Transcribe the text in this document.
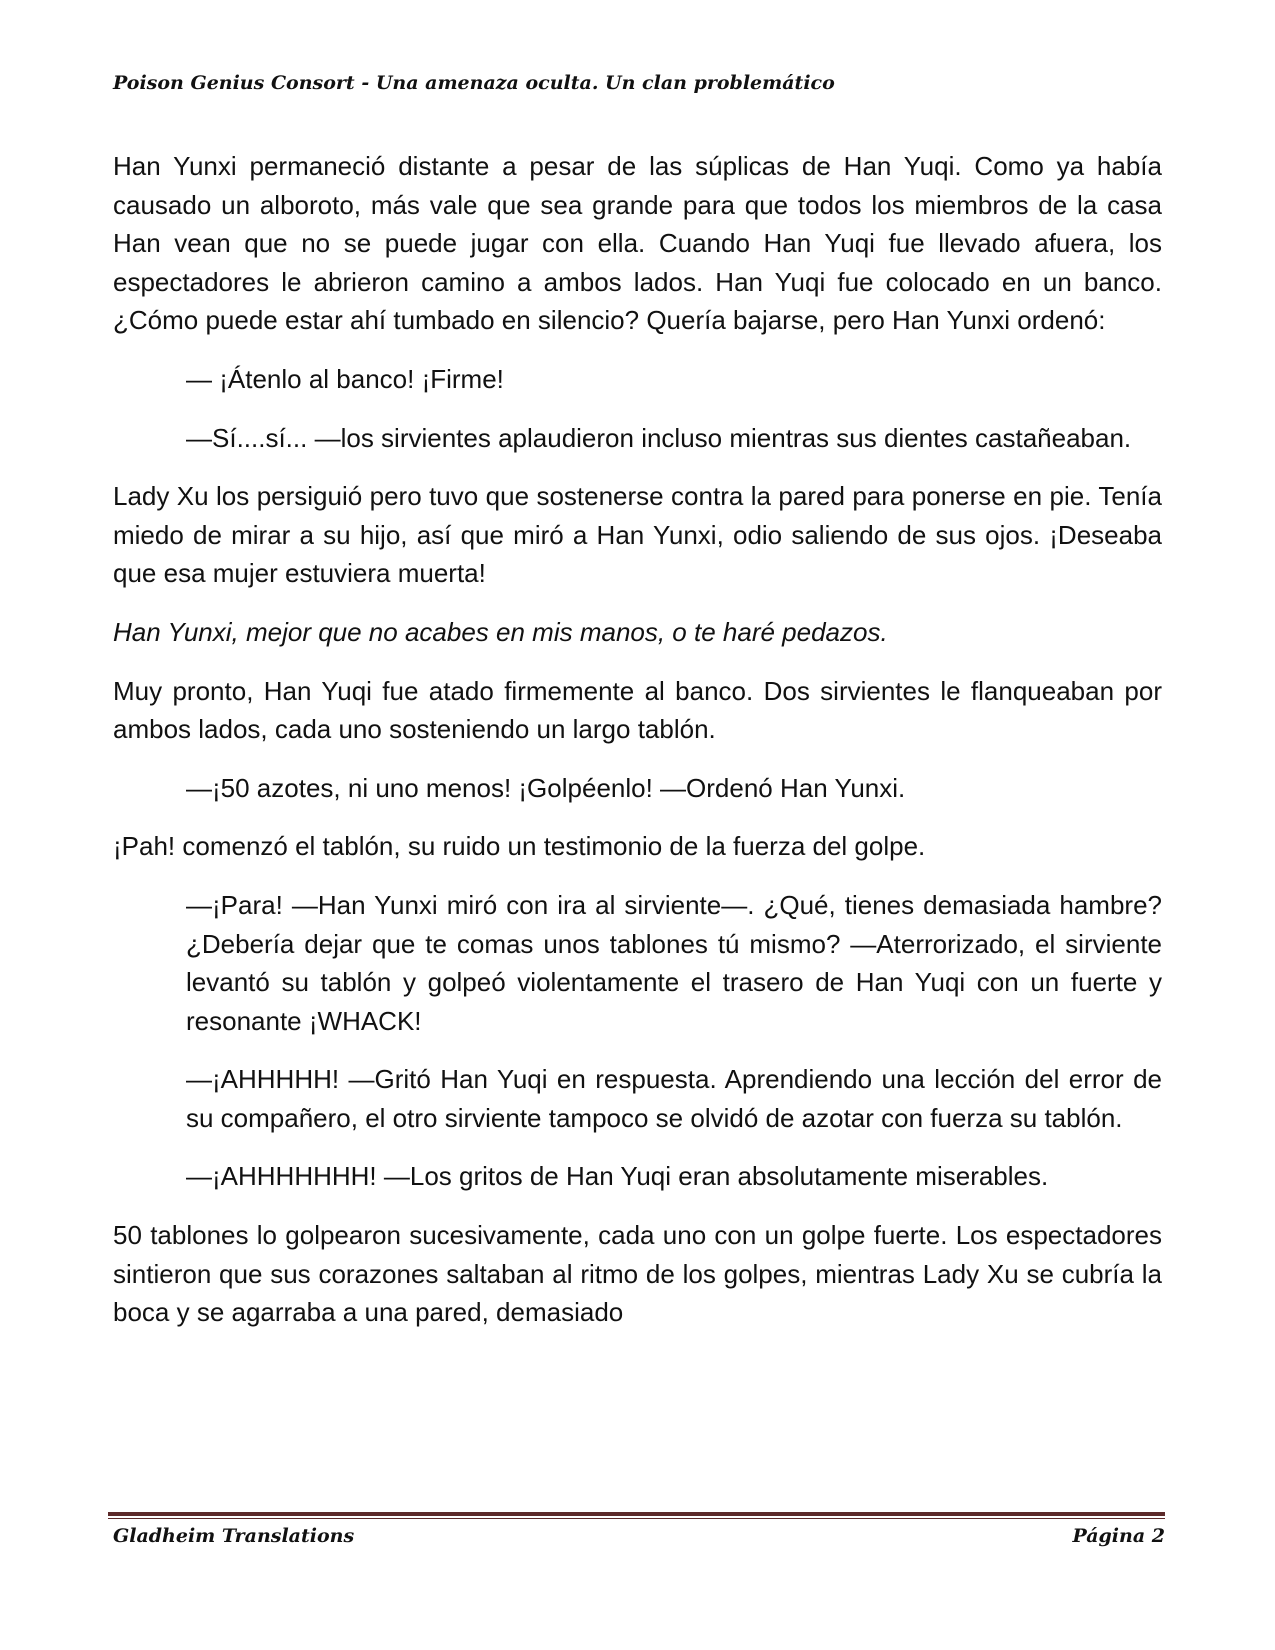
Poison Genius Consort - Una amenaza oculta. Un clan problemático

Han Yunxi permaneció distante a pesar de las súplicas de Han Yuqi. Como ya había causado un alboroto, más vale que sea grande para que todos los miembros de la casa Han vean que no se puede jugar con ella. Cuando Han Yuqi fue llevado afuera, los espectadores le abrieron camino a ambos lados. Han Yuqi fue colocado en un banco. ¿Cómo puede estar ahí tumbado en silencio? Quería bajarse, pero Han Yunxi ordenó:

— ¡Átenlo al banco! ¡Firme!

—Sí....sí... —los sirvientes aplaudieron incluso mientras sus dientes castañeaban.

Lady Xu los persiguió pero tuvo que sostenerse contra la pared para ponerse en pie. Tenía miedo de mirar a su hijo, así que miró a Han Yunxi, odio saliendo de sus ojos. ¡Deseaba que esa mujer estuviera muerta!

Han Yunxi, mejor que no acabes en mis manos, o te haré pedazos.

Muy pronto, Han Yuqi fue atado firmemente al banco. Dos sirvientes le flanqueaban por ambos lados, cada uno sosteniendo un largo tablón.

—¡50 azotes, ni uno menos! ¡Golpéenlo! —Ordenó Han Yunxi.

¡Pah! comenzó el tablón, su ruido un testimonio de la fuerza del golpe.

—¡Para! —Han Yunxi miró con ira al sirviente—. ¿Qué, tienes demasiada hambre? ¿Debería dejar que te comas unos tablones tú mismo? —Aterrorizado, el sirviente levantó su tablón y golpeó violentamente el trasero de Han Yuqi con un fuerte y resonante ¡WHACK!

—¡AHHHHH! —Gritó Han Yuqi en respuesta. Aprendiendo una lección del error de su compañero, el otro sirviente tampoco se olvidó de azotar con fuerza su tablón.

—¡AHHHHHHH! —Los gritos de Han Yuqi eran absolutamente miserables.

50 tablones lo golpearon sucesivamente, cada uno con un golpe fuerte. Los espectadores sintieron que sus corazones saltaban al ritmo de los golpes, mientras Lady Xu se cubría la boca y se agarraba a una pared, demasiado

Gladheim Translations	Página 2
